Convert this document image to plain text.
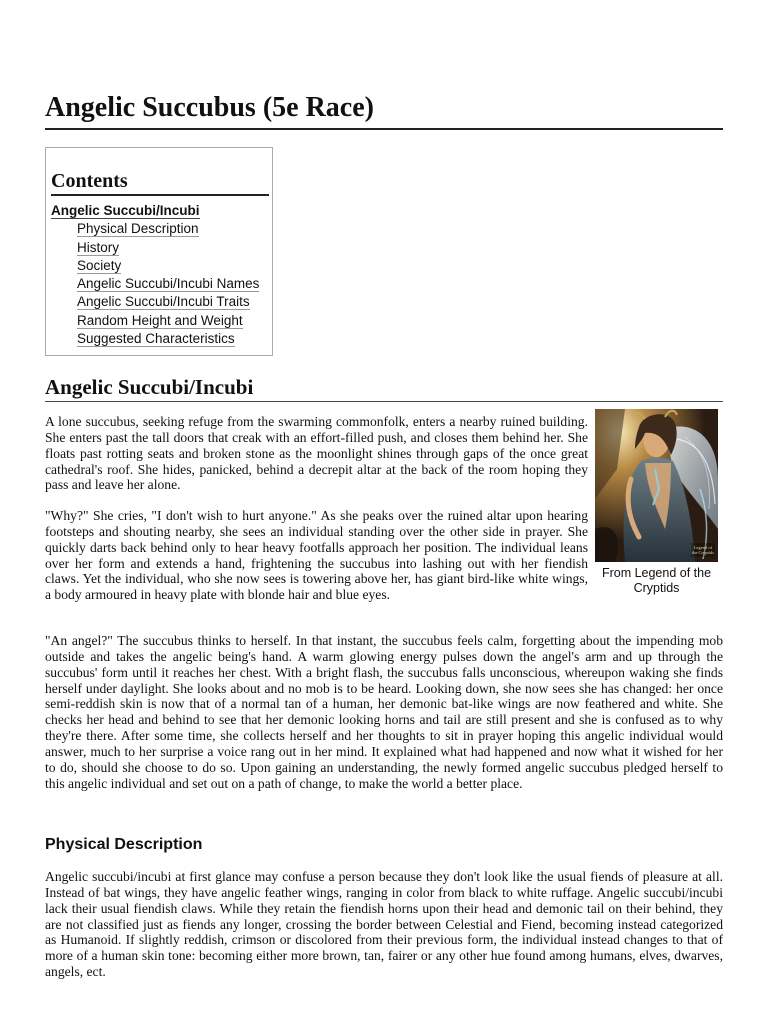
Angelic Succubus (5e Race)
Contents
Angelic Succubi/Incubi
Physical Description
History
Society
Angelic Succubi/Incubi Names
Angelic Succubi/Incubi Traits
Random Height and Weight
Suggested Characteristics
Angelic Succubi/Incubi

A lone succubus, seeking refuge from the swarming commonfolk, enters a nearby ruined building. She enters past the tall doors that creak with an effort-filled push, and closes them behind her. She floats past rotting seats and broken stone as the moonlight shines through gaps of the once great cathedral's roof. She hides, panicked, behind a decrepit altar at the back of the room hoping they pass and leave her alone.

"Why?" She cries, "I don't wish to hurt anyone." As she peaks over the ruined altar upon hearing footsteps and shouting nearby, she sees an individual standing over the other side in prayer. She quickly darts back behind only to hear heavy footfalls approach her position. The individual leans over her form and extends a hand, frightening the succubus into lashing out with her fiendish claws. Yet the individual, who she now sees is towering above her, has giant bird-like white wings, a body armoured in heavy plate with blonde hair and blue eyes.

"An angel?" The succubus thinks to herself. In that instant, the succubus feels calm, forgetting about the impending mob outside and takes the angelic being's hand. A warm glowing energy pulses down the angel's arm and up through the succubus' form until it reaches her chest. With a bright flash, the succubus falls unconscious, whereupon waking she finds herself under daylight. She looks about and no mob is to be heard. Looking down, she now sees she has changed: her once semi-reddish skin is now that of a normal tan of a human, her demonic bat-like wings are now feathered and white. She checks her head and behind to see that her demonic looking horns and tail are still present and she is confused as to why they're there. After some time, she collects herself and her thoughts to sit in prayer hoping this angelic individual would answer, much to her surprise a voice rang out in her mind. It explained what had happened and now what it wished for her to do, should she choose to do so. Upon gaining an understanding, the newly formed angelic succubus pledged herself to this angelic individual and set out on a path of change, to make the world a better place.

Legend of
the Cryptids
From Legend of the Cryptids
Physical Description

Angelic succubi/incubi at first glance may confuse a person because they don't look like the usual fiends of pleasure at all. Instead of bat wings, they have angelic feather wings, ranging in color from black to white ruffage. Angelic succubi/incubi lack their usual fiendish claws. While they retain the fiendish horns upon their head and demonic tail on their behind, they are not classified just as fiends any longer, crossing the border between Celestial and Fiend, becoming instead categorized as Humanoid. If slightly reddish, crimson or discolored from their previous form, the individual instead changes to that of more of a human skin tone: becoming either more brown, tan, fairer or any other hue found among humans, elves, dwarves, angels, ect.
